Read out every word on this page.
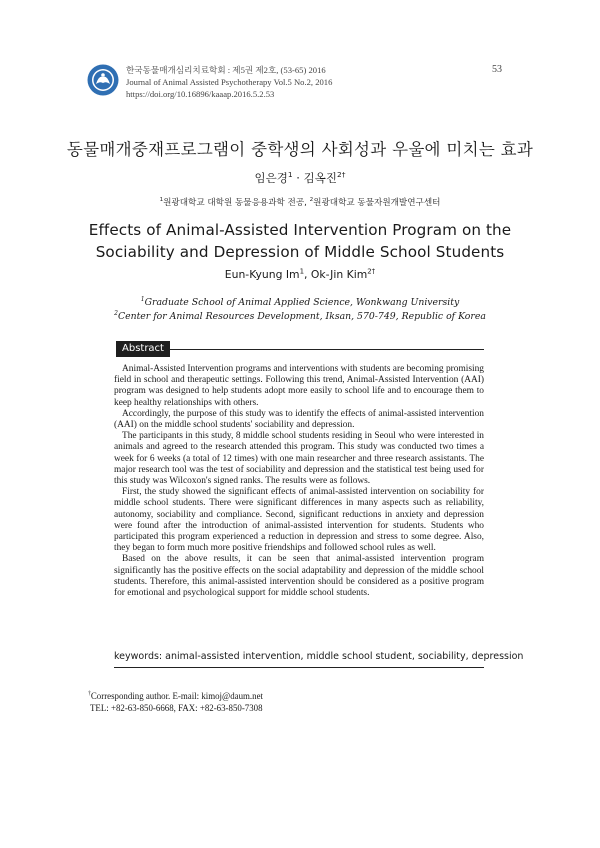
한국동물매개심리치료학회 : 제5권 제2호, (53-65) 2016
Journal of Animal Assisted Psychotherapy Vol.5 No.2, 2016
https://doi.org/10.16896/kaaap.2016.5.2.53
53
동물매개중재프로그램이 중학생의 사회성과 우울에 미치는 효과
임은경$^1$ · 김옥진$^{2\dagger}$
$^1$원광대학교 대학원 동물응용과학 전공, $^2$원광대학교 동물자원개발연구센터
Effects of Animal-Assisted Intervention Program on the
Sociability and Depression of Middle School Students
Eun-Kyung Im$^1$, Ok-Jin Kim$^{2\dagger}$
$^1$Graduate School of Animal Applied Science, Wonkwang University
$^2$Center for Animal Resources Development, Iksan, 570-749, Republic of Korea
Abstract

Animal-Assisted Intervention programs and interventions with students are becoming promising field in school and therapeutic settings. Following this trend, Animal-Assisted Intervention (AAI) program was designed to help students adopt more easily to school life and to encourage them to keep healthy relationships with others.

Accordingly, the purpose of this study was to identify the effects of animal-assisted intervention (AAI) on the middle school students' sociability and depression.

The participants in this study, 8 middle school students residing in Seoul who were interested in animals and agreed to the research attended this program. This study was conducted two times a week for 6 weeks (a total of 12 times) with one main researcher and three research assistants. The major research tool was the test of sociability and depression and the statistical test being used for this study was Wilcoxon's signed ranks. The results were as follows.

First, the study showed the significant effects of animal-assisted intervention on sociability for middle school students. There were significant differences in many aspects such as reliability, autonomy, sociability and compliance. Second, significant reductions in anxiety and depression were found after the introduction of animal-assisted intervention for students. Students who participated this program experienced a reduction in depression and stress to some degree. Also, they began to form much more positive friendships and followed school rules as well.

Based on the above results, it can be seen that animal-assisted intervention program significantly has the positive effects on the social adaptability and depression of the middle school students. Therefore, this animal-assisted intervention should be considered as a positive program for emotional and psychological support for middle school students.

keywords: animal-assisted intervention, middle school student, sociability, depression
†Corresponding author. E-mail: kimoj@daum.net
TEL: +82-63-850-6668, FAX: +82-63-850-7308
